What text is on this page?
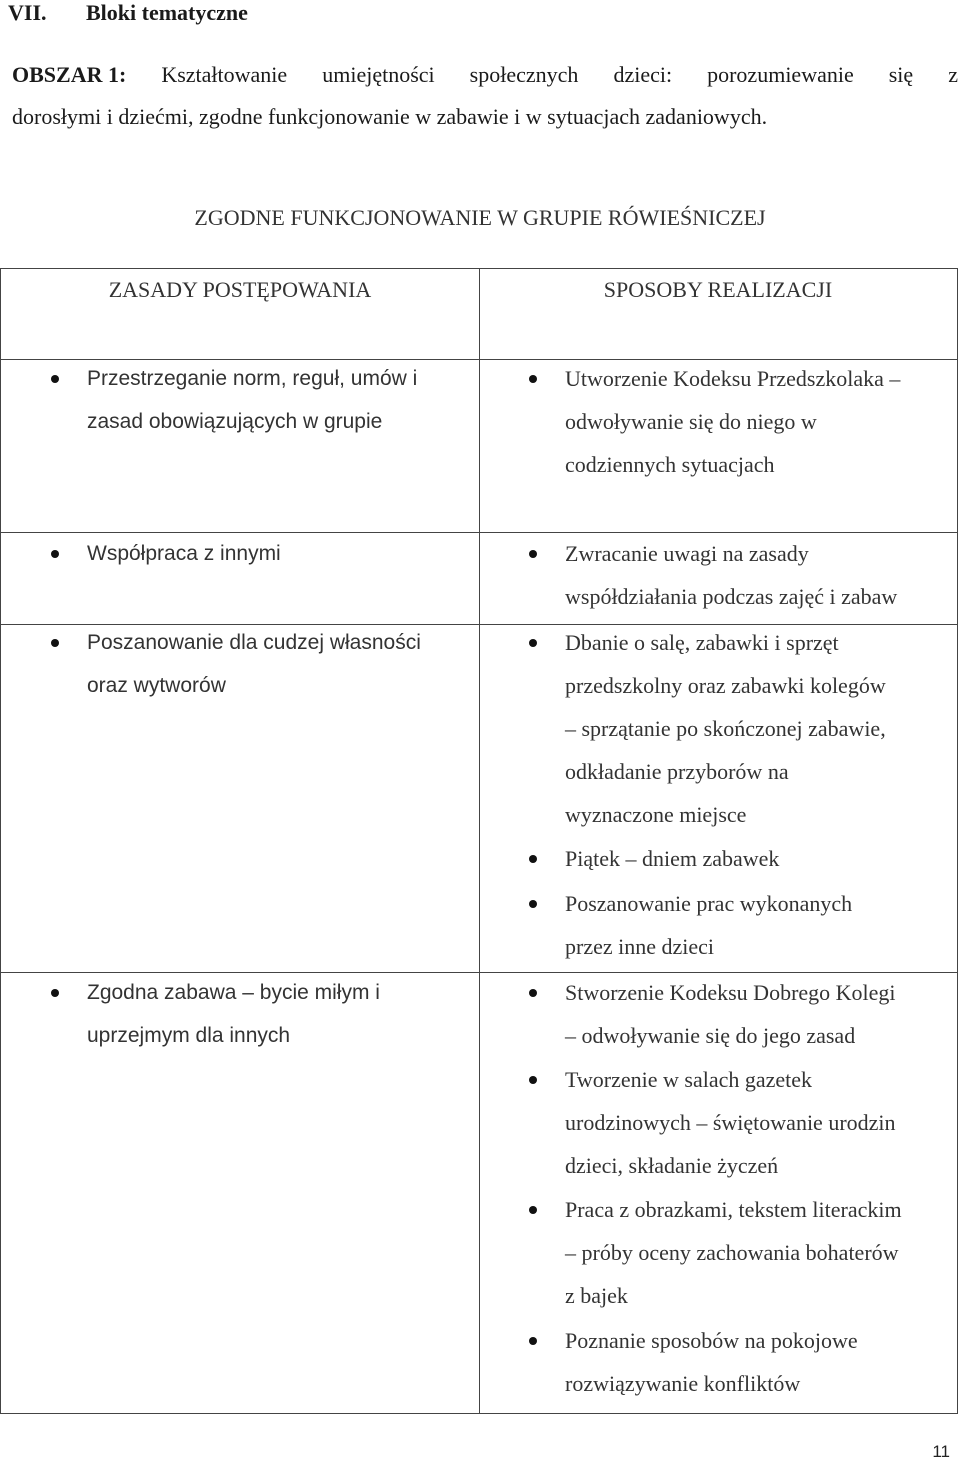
VII. Bloki tematyczne
OBSZAR 1: Kształtowanie umiejętności społecznych dzieci: porozumiewanie się z
dorosłymi i dziećmi, zgodne funkcjonowanie w zabawie i w sytuacjach zadaniowych.
ZGODNE FUNKCJONOWANIE W GRUPIE RÓWIEŚNICZEJ
ZASADY POSTĘPOWANIA	SPOSOBY REALIZACJI
Przestrzeganie norm, reguł, umów i
zasad obowiązujących w grupie
Współpraca z innymi
Poszanowanie dla cudzej własności
oraz wytworów
Zgodna zabawa – bycie miłym i
uprzejmym dla innych
Utworzenie Kodeksu Przedszkolaka –
odwoływanie się do niego w
codziennych sytuacjach
Zwracanie uwagi na zasady
współdziałania podczas zajęć i zabaw
Dbanie o salę, zabawki i sprzęt
przedszkolny oraz zabawki kolegów
– sprzątanie po skończonej zabawie,
odkładanie przyborów na
wyznaczone miejsce
Piątek – dniem zabawek
Poszanowanie prac wykonanych
przez inne dzieci
Stworzenie Kodeksu Dobrego Kolegi
– odwoływanie się do jego zasad
Tworzenie w salach gazetek
urodzinowych – świętowanie urodzin
dzieci, składanie życzeń
Praca z obrazkami, tekstem literackim
– próby oceny zachowania bohaterów
z bajek
Poznanie sposobów na pokojowe
rozwiązywanie konfliktów
11
